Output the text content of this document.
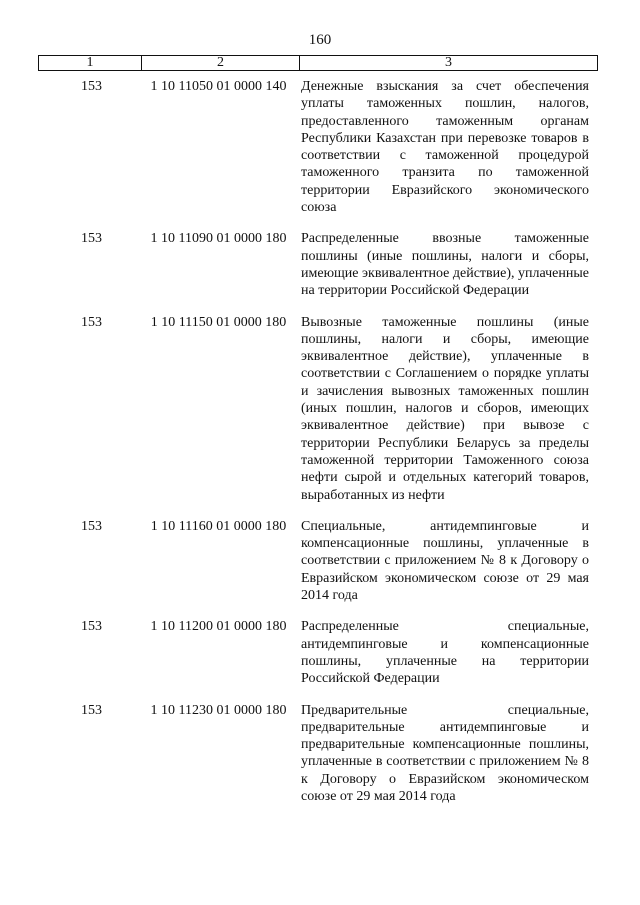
160
1	2	3
153	1 10 11050 01 0000 140	Денежные взыскания за счет обеспечения уплаты таможенных пошлин, налогов, предоставленного таможенным органам Республики Казахстан при перевозке товаров в соответствии с таможенной процедурой таможенного транзита по таможенной территории Евразийского экономического союза
153	1 10 11090 01 0000 180	Распределенные ввозные таможенные пошлины (иные пошлины, налоги и сборы, имеющие эквивалентное действие), уплаченные на территории Российской Федерации
153	1 10 11150 01 0000 180	Вывозные таможенные пошлины (иные пошлины, налоги и сборы, имеющие эквивалентное действие), уплаченные в соответствии с Соглашением о порядке уплаты и зачисления вывозных таможенных пошлин (иных пошлин, налогов и сборов, имеющих эквивалентное действие) при вывозе с территории Республики Беларусь за пределы таможенной территории Таможенного союза нефти сырой и отдельных категорий товаров, выработанных из нефти
153	1 10 11160 01 0000 180	Специальные, антидемпинговые и компенсационные пошлины, уплаченные в соответствии с приложением № 8 к Договору о Евразийском экономическом союзе от 29 мая 2014 года
153	1 10 11200 01 0000 180	Распределенные специальные, антидемпинговые и компенсационные пошлины, уплаченные на территории Российской Федерации
153	1 10 11230 01 0000 180	Предварительные специальные, предварительные антидемпинговые и предварительные компенсационные пошлины, уплаченные в соответствии с приложением № 8 к Договору о Евразийском экономическом союзе от 29 мая 2014 года
